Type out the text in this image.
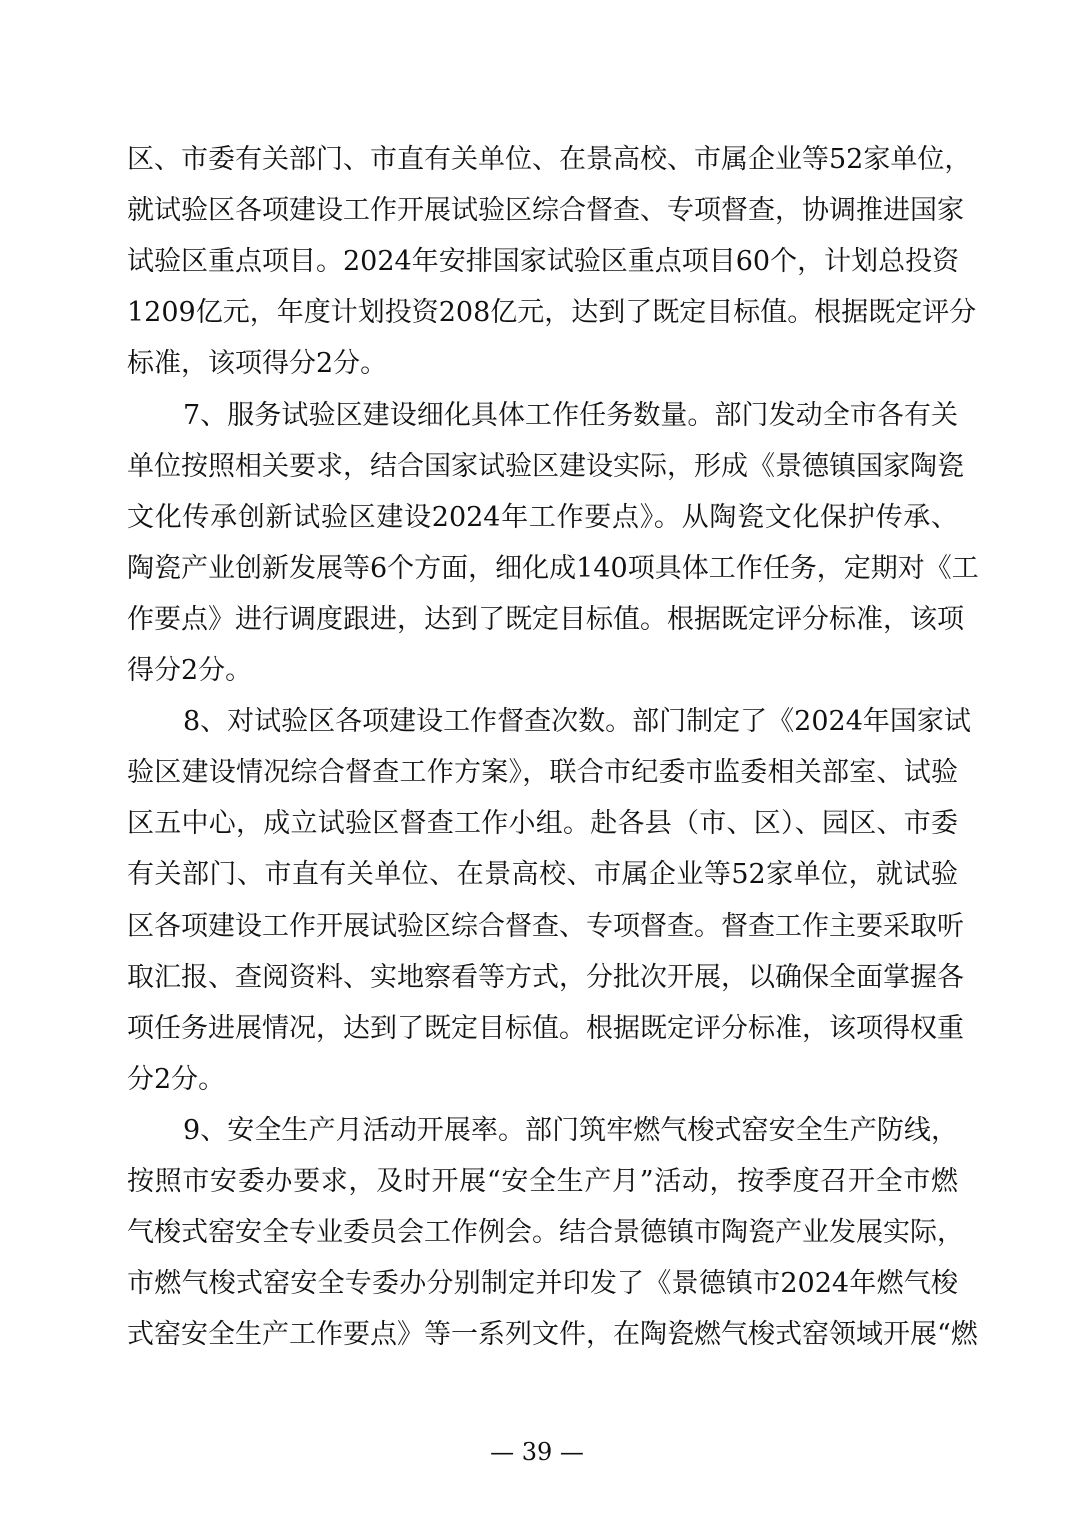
区、市委有关部门、市直有关单位、在景高校、市属企业等52家单位，
就试验区各项建设工作开展试验区综合督查、专项督查，协调推进国家
试验区重点项目。2024年安排国家试验区重点项目60个，计划总投资
1209亿元，年度计划投资208亿元，达到了既定目标值。根据既定评分
标准，该项得分2分。
7、服务试验区建设细化具体工作任务数量。部门发动全市各有关
单位按照相关要求，结合国家试验区建设实际，形成《景德镇国家陶瓷
文化传承创新试验区建设2024年工作要点》。从陶瓷文化保护传承、
陶瓷产业创新发展等6个方面，细化成140项具体工作任务，定期对《工
作要点》进行调度跟进，达到了既定目标值。根据既定评分标准，该项
得分2分。
8、对试验区各项建设工作督查次数。部门制定了《2024年国家试
验区建设情况综合督查工作方案》，联合市纪委市监委相关部室、试验
区五中心，成立试验区督查工作小组。赴各县（市、区）、园区、市委
有关部门、市直有关单位、在景高校、市属企业等52家单位，就试验
区各项建设工作开展试验区综合督查、专项督查。督查工作主要采取听
取汇报、查阅资料、实地察看等方式，分批次开展，以确保全面掌握各
项任务进展情况，达到了既定目标值。根据既定评分标准，该项得权重
分2分。
9、安全生产月活动开展率。部门筑牢燃气梭式窑安全生产防线，
按照市安委办要求，及时开展“安全生产月”活动，按季度召开全市燃
气梭式窑安全专业委员会工作例会。结合景德镇市陶瓷产业发展实际，
市燃气梭式窑安全专委办分别制定并印发了《景德镇市2024年燃气梭
式窑安全生产工作要点》等一系列文件，在陶瓷燃气梭式窑领域开展“燃
— 39 —
